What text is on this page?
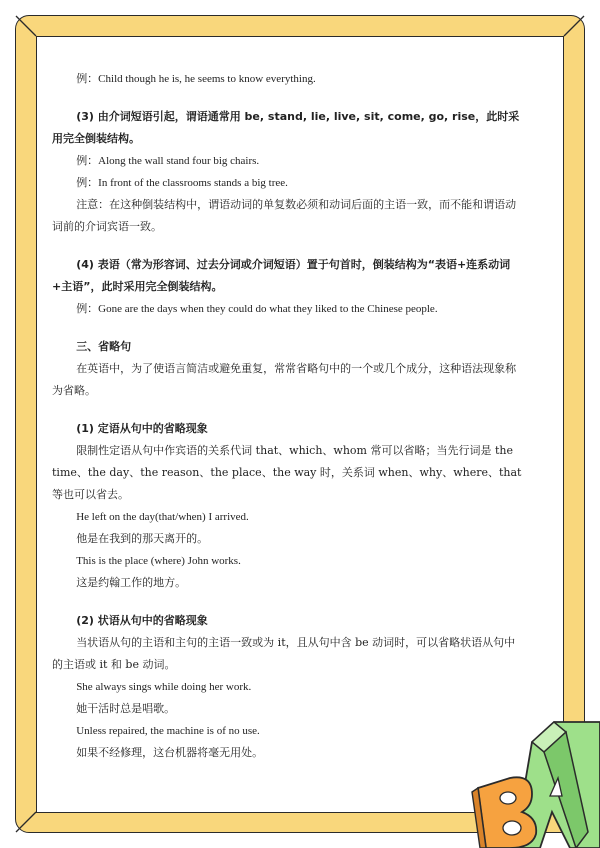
例：Child though he is, he seems to know everything.

(3) 由介词短语引起，谓语通常用 be, stand, lie, live, sit, come, go, rise，此时采用完全倒装结构。

例：Along the wall stand four big chairs.

例：In front of the classrooms stands a big tree.

注意：在这种倒装结构中，谓语动词的单复数必须和动词后面的主语一致，而不能和谓语动词前的介词宾语一致。

(4) 表语（常为形容词、过去分词或介词短语）置于句首时，倒装结构为“表语+连系动词+主语”，此时采用完全倒装结构。

例：Gone are the days when they could do what they liked to the Chinese people.

三、省略句

在英语中，为了使语言简洁或避免重复，常常省略句中的一个或几个成分，这种语法现象称为省略。

(1) 定语从句中的省略现象

限制性定语从句中作宾语的关系代词 that、which、whom 常可以省略；当先行词是 the time、the day、the reason、the place、the way 时，关系词 when、why、where、that 等也可以省去。

He left on the day(that/when) I arrived.

他是在我到的那天离开的。

This is the place (where) John works.

这是约翰工作的地方。

(2) 状语从句中的省略现象

当状语从句的主语和主句的主语一致或为 it，且从句中含 be 动词时，可以省略状语从句中的主语或 it 和 be 动词。

She always sings while doing her work.

她干活时总是唱歌。

Unless repaired, the machine is of no use.

如果不经修理，这台机器将毫无用处。
